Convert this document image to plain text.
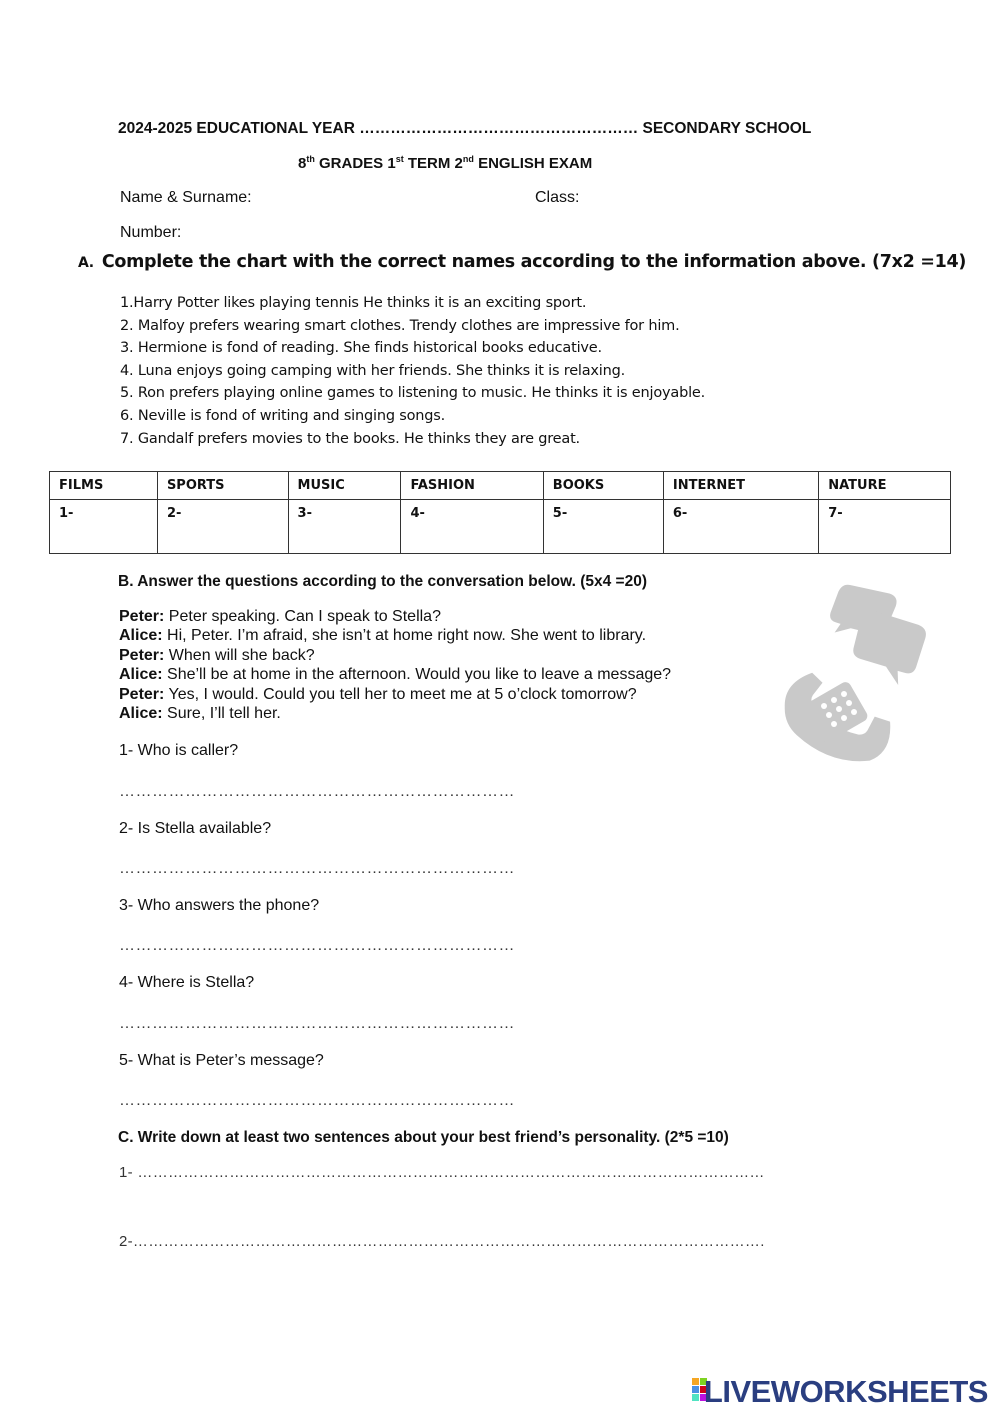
2024-2025 EDUCATIONAL YEAR ……………………………………………… SECONDARY SCHOOL
8th GRADES 1st TERM 2nd ENGLISH EXAM
Name & Surname:	Class:
Number:
A. Complete the chart with the correct names according to the information above. (7x2 =14)
1.Harry Potter likes playing tennis He thinks it is an exciting sport.
2. Malfoy prefers wearing smart clothes. Trendy clothes are impressive for him.
3. Hermione is fond of reading. She finds historical books educative.
4. Luna enjoys going camping with her friends. She thinks it is relaxing.
5. Ron prefers playing online games to listening to music. He thinks it is enjoyable.
6. Neville is fond of writing and singing songs.
7. Gandalf prefers movies to the books. He thinks they are great.
FILMS	SPORTS	MUSIC	FASHION	BOOKS	INTERNET	NATURE
1-	2-	3-	4-	5-	6-	7-
B. Answer the questions according to the conversation below. (5x4 =20)
Peter: Peter speaking. Can I speak to Stella?
Alice: Hi, Peter. I’m afraid, she isn’t at home right now. She went to library.
Peter: When will she back?
Alice: She’ll be at home in the afternoon. Would you like to leave a message?
Peter: Yes, I would. Could you tell her to meet me at 5 o’clock tomorrow?
Alice: Sure, I’ll tell her.
1- Who is caller?
………………………………………………………………
2- Is Stella available?
………………………………………………………………
3- Who answers the phone?
………………………………………………………………
4- Where is Stella?
………………………………………………………………
5- What is Peter’s message?
………………………………………………………………
C. Write down at least two sentences about your best friend’s personality. (2*5 =10)
1- ……………………………………………………………………………………………………………
2-…………………………………………………………………………………………………………….
LIVEWORKSHEETS
